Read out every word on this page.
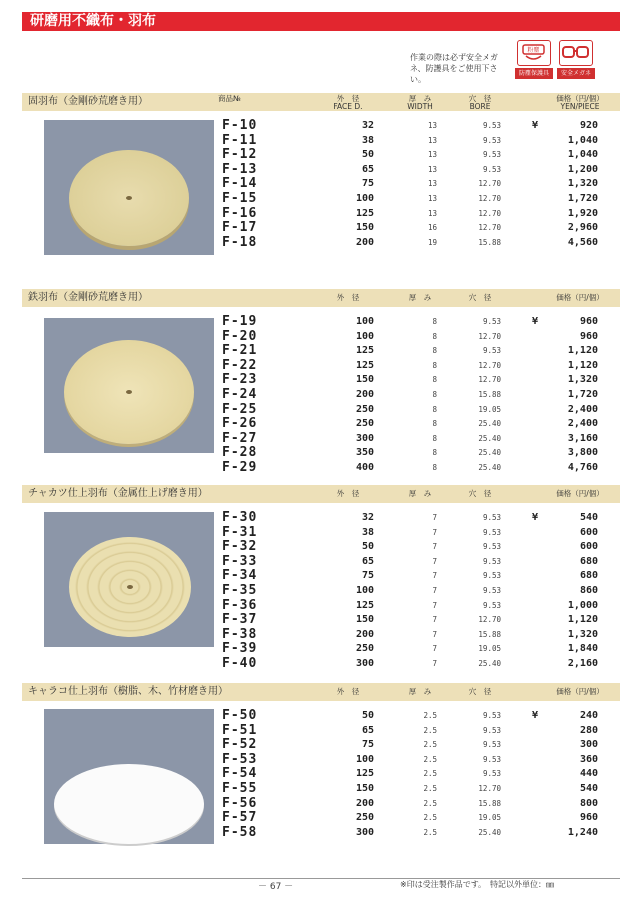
研磨用不織布・羽布
作業の際は必ず安全メガネ、防護具をご使用下さい。
粉塵
防塵保護具	安全メガネ
固羽布（金剛砂荒磨き用）	商品№	外　径
FACE D.
厚　み
WIDTH
穴　径
BORE
価格（円/個）
YEN/PIECE
F-10	32	13	9.53	¥	920
F-11	38	13	9.53	1,040
F-12	50	13	9.53	1,040
F-13	65	13	9.53	1,200
F-14	75	13	12.70	1,320
F-15	100	13	12.70	1,720
F-16	125	13	12.70	1,920
F-17	150	16	12.70	2,960
F-18	200	19	15.88	4,560
鉄羽布（金剛砂荒磨き用）	外　径	厚　み	穴　径	価格（円/個）
F-19	100	8	9.53	¥	960
F-20	100	8	12.70	960
F-21	125	8	9.53	1,120
F-22	125	8	12.70	1,120
F-23	150	8	12.70	1,320
F-24	200	8	15.88	1,720
F-25	250	8	19.05	2,400
F-26	250	8	25.40	2,400
F-27	300	8	25.40	3,160
F-28	350	8	25.40	3,800
F-29	400	8	25.40	4,760
チャカツ仕上羽布（金属仕上げ磨き用）	外　径	厚　み	穴　径	価格（円/個）
F-30	32	7	9.53	¥	540
F-31	38	7	9.53	600
F-32	50	7	9.53	600
F-33	65	7	9.53	680
F-34	75	7	9.53	680
F-35	100	7	9.53	860
F-36	125	7	9.53	1,000
F-37	150	7	12.70	1,120
F-38	200	7	15.88	1,320
F-39	250	7	19.05	1,840
F-40	300	7	25.40	2,160
キャラコ仕上羽布（樹脂、木、竹材磨き用）	外　径	厚　み	穴　径	価格（円/個）
F-50	50	2.5	9.53	¥	240
F-51	65	2.5	9.53	280
F-52	75	2.5	9.53	300
F-53	100	2.5	9.53	360
F-54	125	2.5	9.53	440
F-55	150	2.5	12.70	540
F-56	200	2.5	15.88	800
F-57	250	2.5	19.05	960
F-58	300	2.5	25.40	1,240
－ 67 －	※印は受注製作品です。　特記以外単位：㎜
